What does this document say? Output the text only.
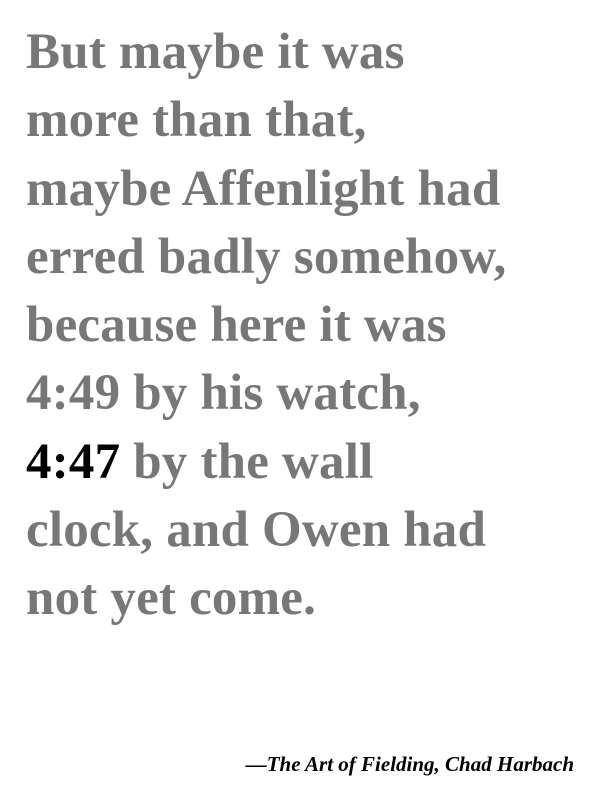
But maybe it was
more than that,
maybe Affenlight had
erred badly somehow,
because here it was
4:49 by his watch,
4:47 by the wall
clock, and Owen had
not yet come.

—The Art of Fielding, Chad Harbach
